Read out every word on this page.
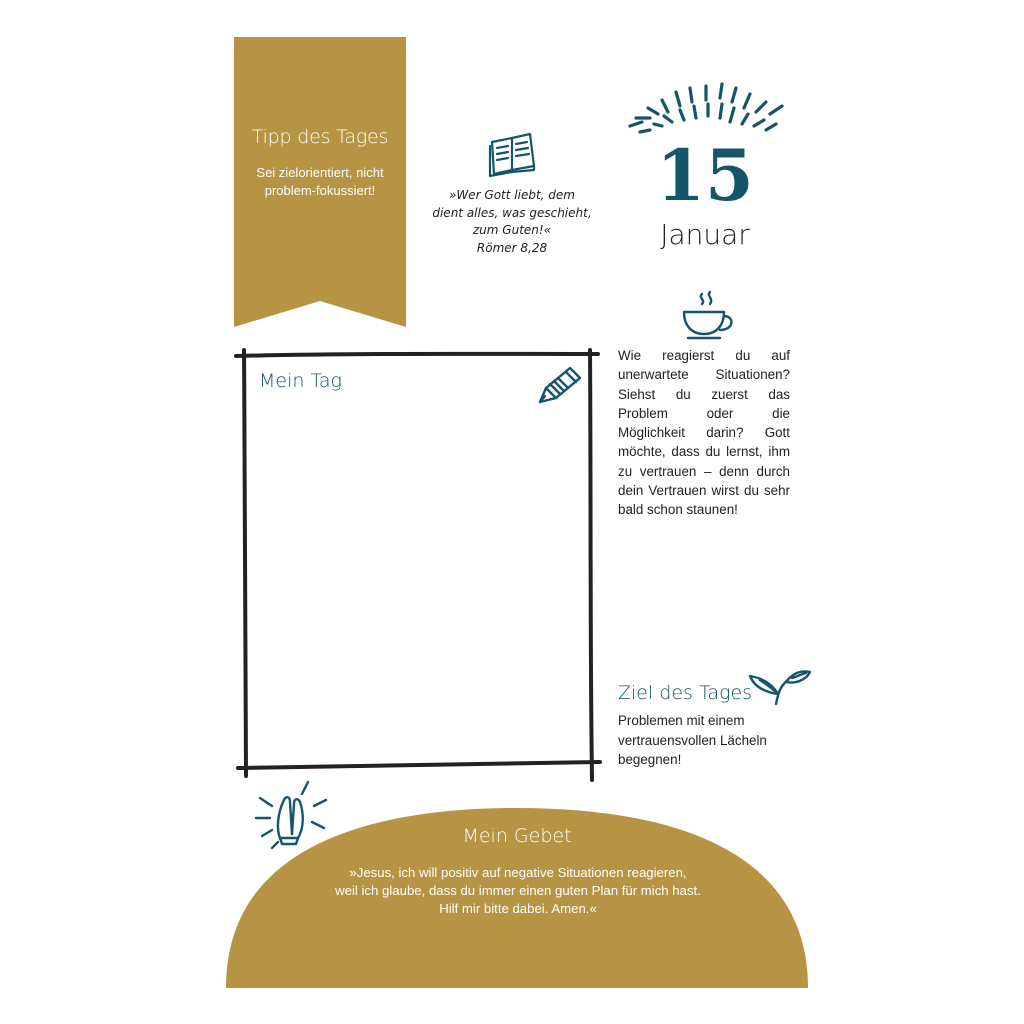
Tipp des Tages
Sei zielorientiert, nicht problem-fokussiert!	»Wer Gott liebt, dem
dient alles, was geschieht,
zum Guten!«
Römer 8,28
15
Januar
Wie reagierst du auf unerwartete Situationen? Siehst du zuerst das Problem oder die Möglichkeit darin? Gott möchte, dass du lernst, ihm zu vertrauen – denn durch dein Vertrauen wirst du sehr bald schon staunen!
Mein Tag
Ziel des Tages
Problemen mit einem
vertrauensvollen Lächeln
begegnen!
Mein Gebet
»Jesus, ich will positiv auf negative Situationen reagieren,
weil ich glaube, dass du immer einen guten Plan für mich hast.
Hilf mir bitte dabei. Amen.«
